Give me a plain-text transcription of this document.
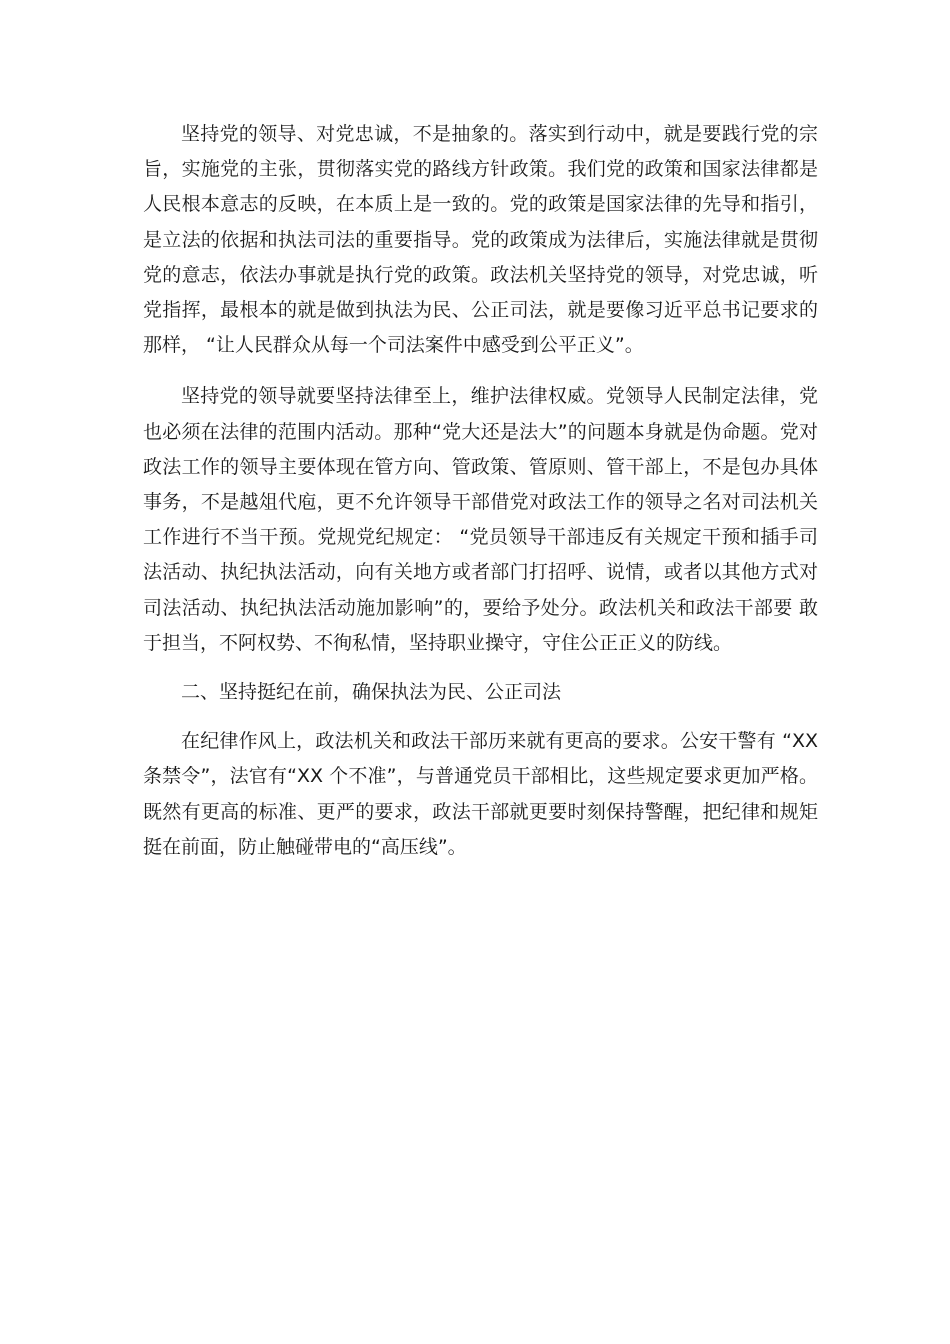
坚持党的领导、对党忠诚，不是抽象的。落实到行动中，就是要践行党的宗旨，实施党的主张，贯彻落实党的路线方针政策。我们党的政策和国家法律都是人民根本意志的反映，在本质上是一致的。党的政策是国家法律的先导和指引， 是立法的依据和执法司法的重要指导。党的政策成为法律后，实施法律就是贯彻党的意志，依法办事就是执行党的政策。政法机关坚持党的领导，对党忠诚，听党指挥，最根本的就是做到执法为民、公正司法，就是要像习近平总书记要求的那样， “让人民群众从每一个司法案件中感受到公平正义”。

坚持党的领导就要坚持法律至上，维护法律权威。党领导人民制定法律，党也必须在法律的范围内活动。那种“党大还是法大”的问题本身就是伪命题。党对政法工作的领导主要体现在管方向、管政策、管原则、管干部上，不是包办具体事务，不是越俎代庖，更不允许领导干部借党对政法工作的领导之名对司法机关工作进行不当干预。党规党纪规定： “党员领导干部违反有关规定干预和插手司法活动、执纪执法活动，向有关地方或者部门打招呼、说情，或者以其他方式对司法活动、执纪执法活动施加影响”的，要给予处分。政法机关和政法干部要 敢于担当，不阿权势、不徇私情，坚持职业操守，守住公正正义的防线。

二、坚持挺纪在前，确保执法为民、公正司法

在纪律作风上，政法机关和政法干部历来就有更高的要求。公安干警有 “XX 条禁令”，法官有“XX 个不准”，与普通党员干部相比，这些规定要求更加严格。既然有更高的标准、更严的要求，政法干部就更要时刻保持警醒，把纪律和规矩挺在前面，防止触碰带电的“高压线”。
